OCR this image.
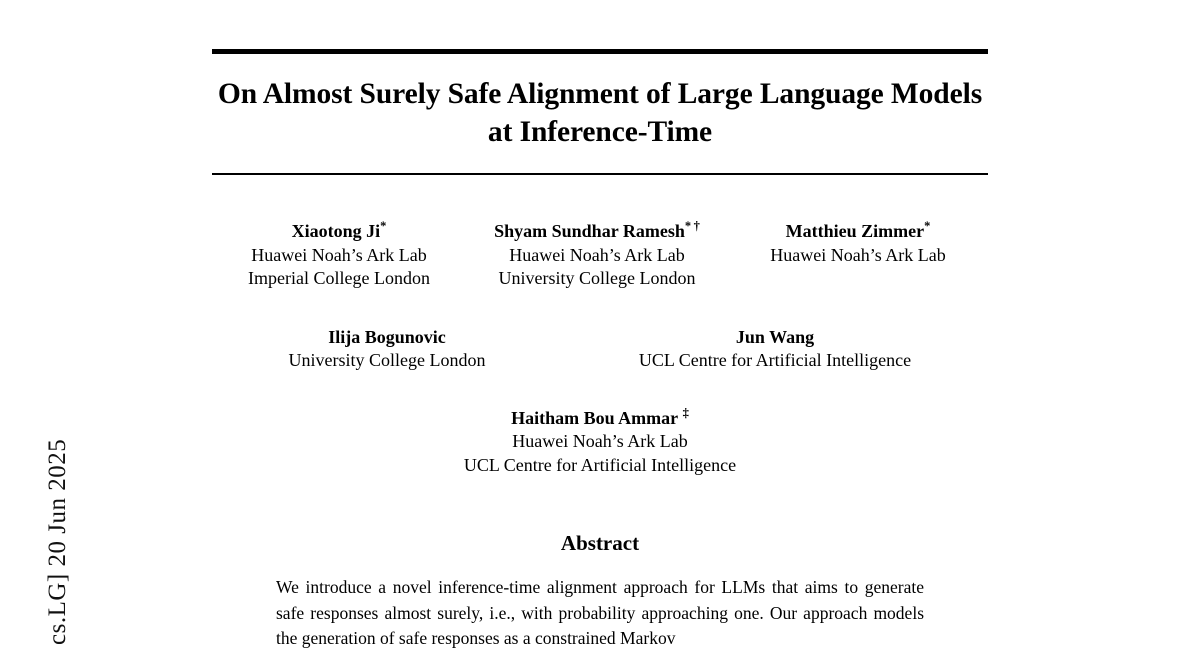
cs.LG] 20 Jun 2025
On Almost Surely Safe Alignment of Large Language Models at Inference-Time
Xiaotong Ji*
Huawei Noah’s Ark Lab
Imperial College London
Shyam Sundhar Ramesh* †
Huawei Noah’s Ark Lab
University College London
Matthieu Zimmer*
Huawei Noah’s Ark Lab
Ilija Bogunovic
University College London
Jun Wang
UCL Centre for Artificial Intelligence
Haitham Bou Ammar ‡
Huawei Noah’s Ark Lab
UCL Centre for Artificial Intelligence
Abstract
We introduce a novel inference-time alignment approach for LLMs that aims to generate safe responses almost surely, i.e., with probability approaching one. Our approach models the generation of safe responses as a constrained Markov
